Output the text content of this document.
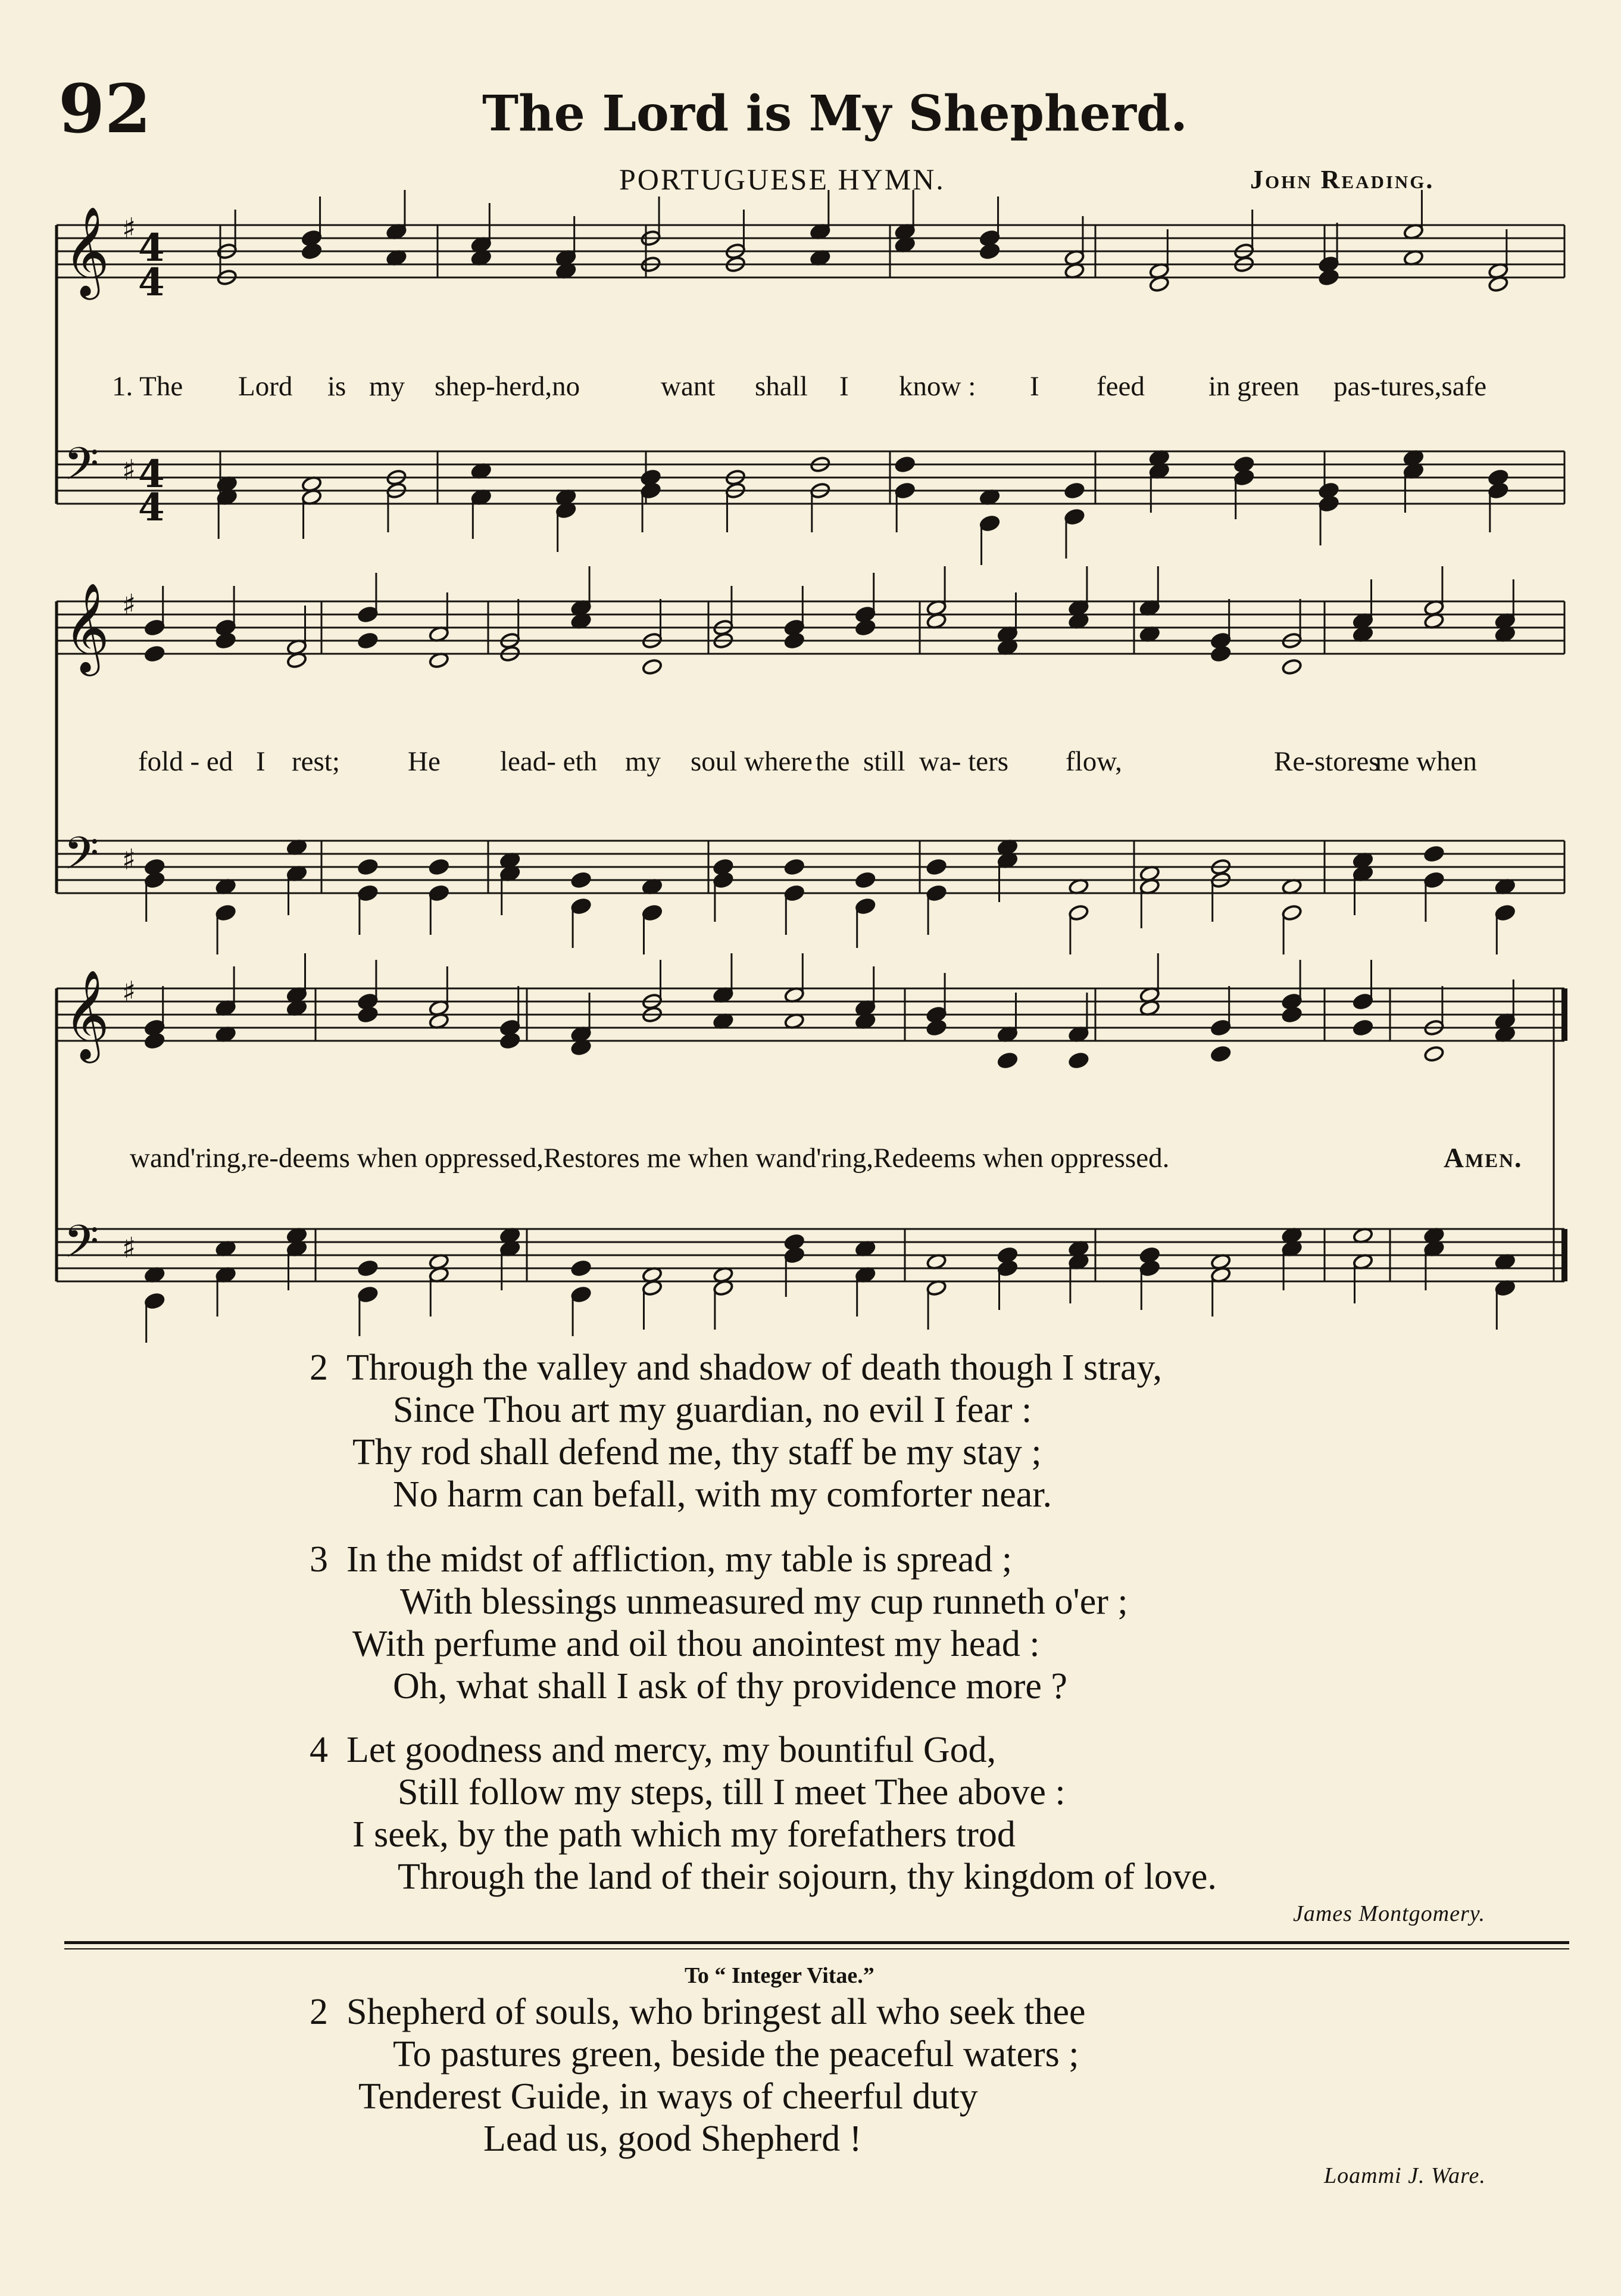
92	The Lord is My Shepherd.
PORTUGUESE HYMN.	John Reading.
𝄞 ♯
𝄢 ♯
𝄞 ♯
𝄢 ♯
𝄞 ♯
𝄢 ♯
4
4
4
4
1. The Lord is my shep-herd,no	want shall I know : I feed in green pas-tures,safe
fold - ed I rest; He lead- eth my soul where the still wa- ters flow,	Re-stores
me when
wand'ring,re-deems when oppressed,Restores me when wand'ring,Redeems when oppressed.	Amen.
2 Through the valley and shadow of death though I stray,
Since Thou art my guardian, no evil I fear :
Thy rod shall defend me, thy staff be my stay ;
No harm can befall, with my comforter near.
3 In the midst of affliction, my table is spread ;
With blessings unmeasured my cup runneth o'er ;
With perfume and oil thou anointest my head :
Oh, what shall I ask of thy providence more ?
4 Let goodness and mercy, my bountiful God,
Still follow my steps, till I meet Thee above :
I seek, by the path which my forefathers trod
Through the land of their sojourn, thy kingdom of love.
James Montgomery.
To “ Integer Vitae.”
2 Shepherd of souls, who bringest all who seek thee
To pastures green, beside the peaceful waters ;
Tenderest Guide, in ways of cheerful duty
Lead us, good Shepherd !
Loammi J. Ware.
